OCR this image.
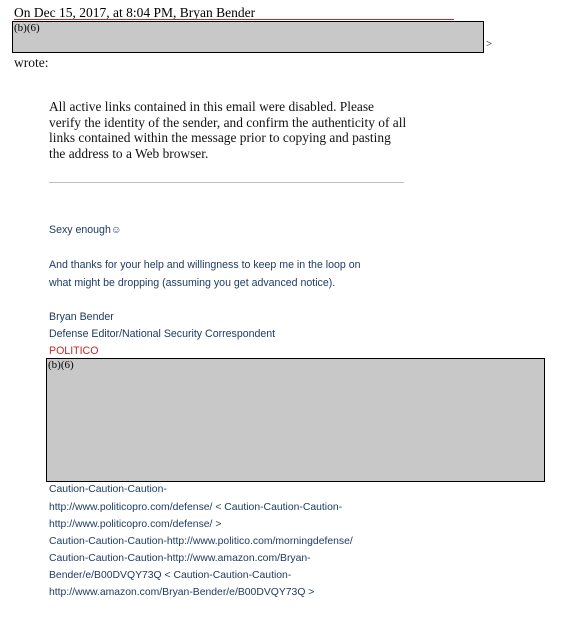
On Dec 15, 2017, at 8:04 PM, Bryan Bender
(b)(6)
>
wrote:
All active links contained in this email were disabled. Please verify the identity of the sender, and confirm the authenticity of all links contained within the message prior to copying and pasting the address to a Web browser.
Sexy enough☺
And thanks for your help and willingness to keep me in the loop on
what might be dropping (assuming you get advanced notice).
Bryan Bender
Defense Editor/National Security Correspondent
POLITICO
(b)(6)
Caution-Caution-Caution-
http://www.politicopro.com/defense/ < Caution-Caution-Caution-
http://www.politicopro.com/defense/ >
Caution-Caution-Caution-http://www.politico.com/morningdefense/
Caution-Caution-Caution-http://www.amazon.com/Bryan-
Bender/e/B00DVQY73Q < Caution-Caution-Caution-
http://www.amazon.com/Bryan-Bender/e/B00DVQY73Q >
